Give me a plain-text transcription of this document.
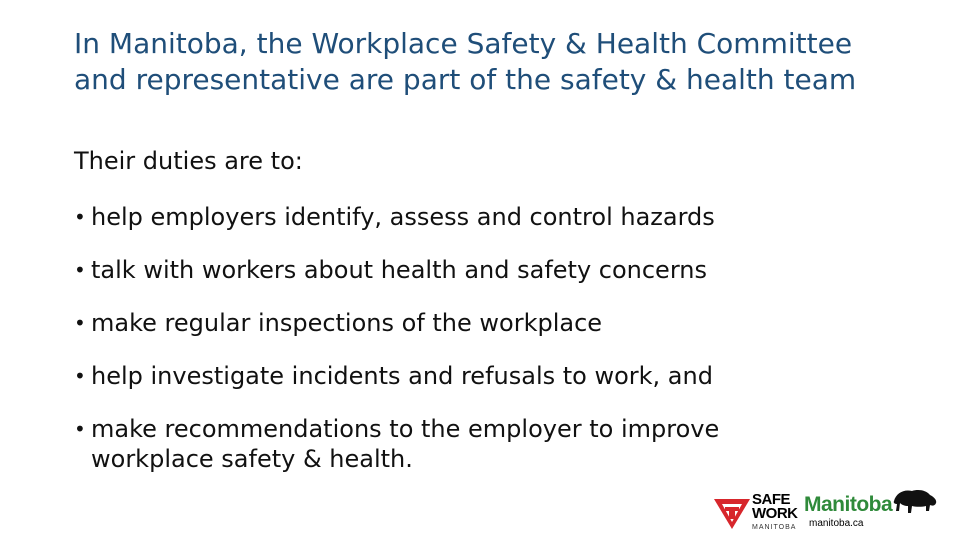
In Manitoba, the Workplace Safety & Health Committee and representative are part of the safety & health team

Their duties are to:

• help employers identify, assess and control hazards
• talk with workers about health and safety concerns
• make regular inspections of the workplace
• help investigate incidents and refusals to work, and
• make recommendations to the employer to improve workplace safety & health.
SAFE
WORK
MANITOBA
Manitoba
manitoba.ca
